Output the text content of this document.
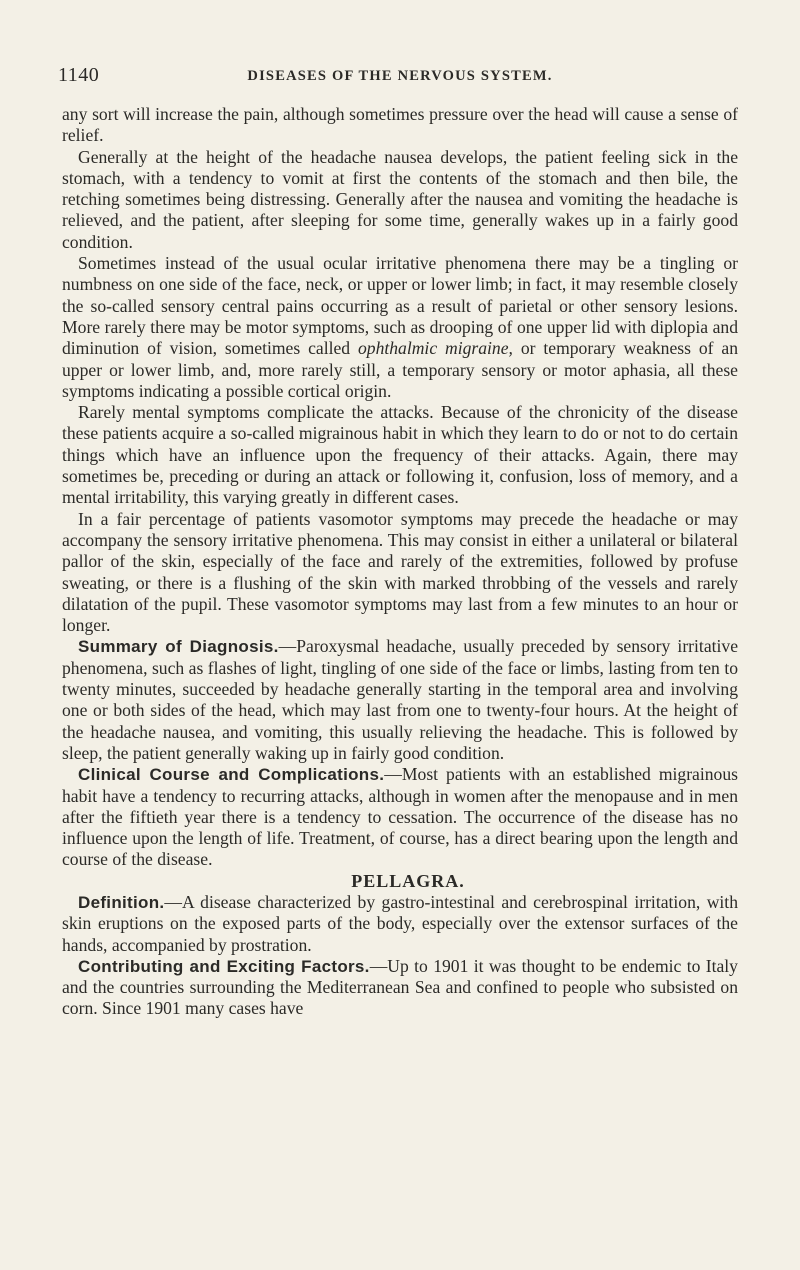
1140	DISEASES OF THE NERVOUS SYSTEM.

any sort will increase the pain, although sometimes pressure over the head will cause a sense of relief.

Generally at the height of the headache nausea develops, the patient feeling sick in the stomach, with a tendency to vomit at first the contents of the stomach and then bile, the retching sometimes being distressing. Generally after the nausea and vomiting the headache is relieved, and the patient, after sleeping for some time, generally wakes up in a fairly good condition.

Sometimes instead of the usual ocular irritative phenomena there may be a tingling or numbness on one side of the face, neck, or upper or lower limb; in fact, it may resemble closely the so-called sensory central pains occurring as a result of parietal or other sensory lesions. More rarely there may be motor symptoms, such as drooping of one upper lid with diplopia and diminution of vision, sometimes called ophthalmic migraine, or temporary weakness of an upper or lower limb, and, more rarely still, a temporary sensory or motor aphasia, all these symptoms indicating a possible cortical origin.

Rarely mental symptoms complicate the attacks. Because of the chronicity of the disease these patients acquire a so-called migrainous habit in which they learn to do or not to do certain things which have an influence upon the frequency of their attacks. Again, there may sometimes be, preceding or during an attack or following it, confusion, loss of memory, and a mental irritability, this varying greatly in different cases.

In a fair percentage of patients vasomotor symptoms may precede the headache or may accompany the sensory irritative phenomena. This may consist in either a unilateral or bilateral pallor of the skin, especially of the face and rarely of the extremities, followed by profuse sweating, or there is a flushing of the skin with marked throbbing of the vessels and rarely dilatation of the pupil. These vasomotor symptoms may last from a few minutes to an hour or longer.

Summary of Diagnosis.—Paroxysmal headache, usually preceded by sensory irritative phenomena, such as flashes of light, tingling of one side of the face or limbs, lasting from ten to twenty minutes, succeeded by headache generally starting in the temporal area and involving one or both sides of the head, which may last from one to twenty-four hours. At the height of the headache nausea, and vomiting, this usually relieving the headache. This is followed by sleep, the patient generally waking up in fairly good condition.

Clinical Course and Complications.—Most patients with an established migrainous habit have a tendency to recurring attacks, although in women after the menopause and in men after the fiftieth year there is a tendency to cessation. The occurrence of the disease has no influence upon the length of life. Treatment, of course, has a direct bearing upon the length and course of the disease.

PELLAGRA.

Definition.—A disease characterized by gastro-intestinal and cerebrospinal irritation, with skin eruptions on the exposed parts of the body, especially over the extensor surfaces of the hands, accompanied by prostration.

Contributing and Exciting Factors.—Up to 1901 it was thought to be endemic to Italy and the countries surrounding the Mediterranean Sea and confined to people who subsisted on corn. Since 1901 many cases have
